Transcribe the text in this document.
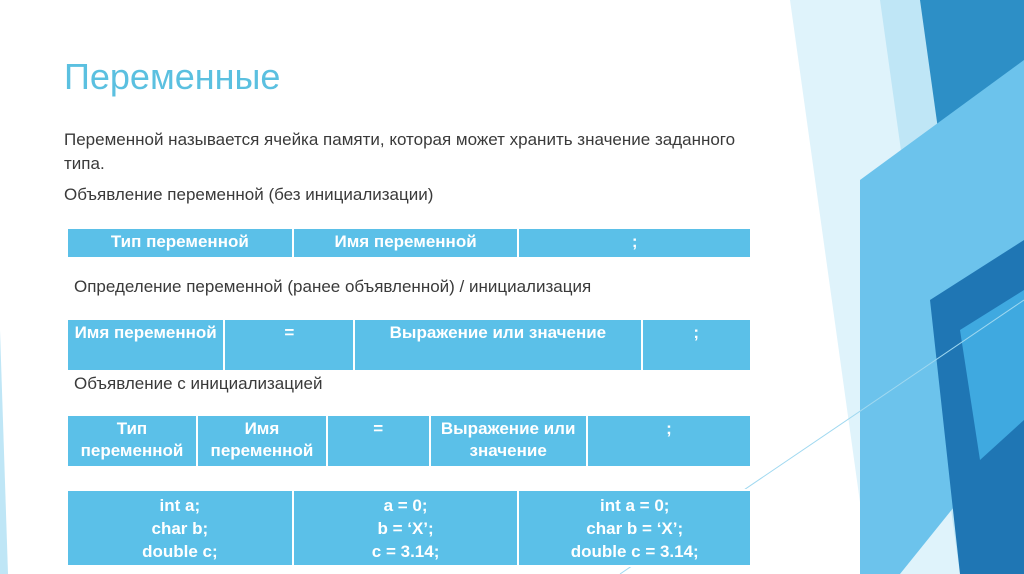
Переменные
Переменной называется ячейка памяти, которая может хранить значение заданного типа.
Объявление переменной (без инициализации)
Тип переменной	Имя переменной	;
Определение переменной (ранее объявленной) / инициализация
Имя переменной	=	Выражение или значение	;
Объявление с инициализацией
Тип переменной	Имя переменной	=	Выражение или значение	;
int a;
char b;
double c;

a = 0;
b = ‘X’;
c = 3.14;

int a = 0;
char b = ‘X’;
double c = 3.14;
